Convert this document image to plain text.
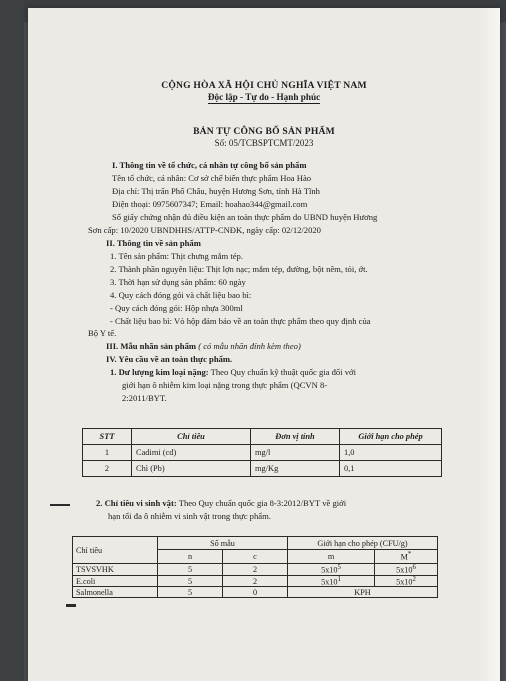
CỘNG HÒA XÃ HỘI CHỦ NGHĨA VIỆT NAM
Độc lập - Tự do - Hạnh phúc
BẢN TỰ CÔNG BỐ SẢN PHẨM
Số: 05/TCBSPTCMT/2023
I. Thông tin về tổ chức, cá nhân tự công bố sản phẩm
Tên tổ chức, cá nhân: Cơ sở chế biến thực phẩm Hoa Hào
Địa chỉ: Thị trấn Phố Châu, huyện Hương Sơn, tỉnh Hà Tĩnh
Điện thoại: 0975607347; Email: hoahao344@gmail.com
Số giấy chứng nhận đủ điều kiện an toàn thực phẩm do UBND huyện Hương
Sơn cấp: 10/2020 UBNDHHS/ATTP-CNĐK, ngày cấp: 02/12/2020
II. Thông tin về sản phẩm
1. Tên sản phẩm: Thịt chưng mắm tép.
2. Thành phần nguyên liệu: Thịt lợn nạc; mắm tép, đường, bột nêm, tỏi, ớt.
3. Thời hạn sử dụng sản phẩm: 60 ngày
4. Quy cách đóng gói và chất liệu bao bì:
- Quy cách đóng gói: Hộp nhựa 300ml
- Chất liệu bao bì: Vỏ hộp đảm bảo về an toàn thực phẩm theo quy định của
Bộ Y tế.
III. Mẫu nhãn sản phẩm ( có mẫu nhãn đính kèm theo)
IV. Yêu cầu về an toàn thực phẩm.
1. Dư lượng kim loại nặng: Theo Quy chuẩn kỹ thuật quốc gia đối với
giới hạn ô nhiễm kim loại nặng trong thực phẩm (QCVN 8-
2:2011/BYT.
STT	Chỉ tiêu	Đơn vị tính	Giới hạn cho phép
1	Cadimi (cd)	mg/l	1,0
2	Chì (Pb)	mg/Kg	0,1
2. Chỉ tiêu vi sinh vật: Theo Quy chuẩn quốc gia 8-3:2012/BYT về giới
hạn tối đa ô nhiễm vi sinh vật trong thực phẩm.
Chỉ tiêu	Số mẫu		Giới hạn cho phép (CFU/g)	
	n	c	m	M*
TSVSVHK	5	2	$5x10^5$	$5x10^6$
E.coli	5	2	$5x10^1$	$5x10^2$
Salmonella	5	0	KPH	
